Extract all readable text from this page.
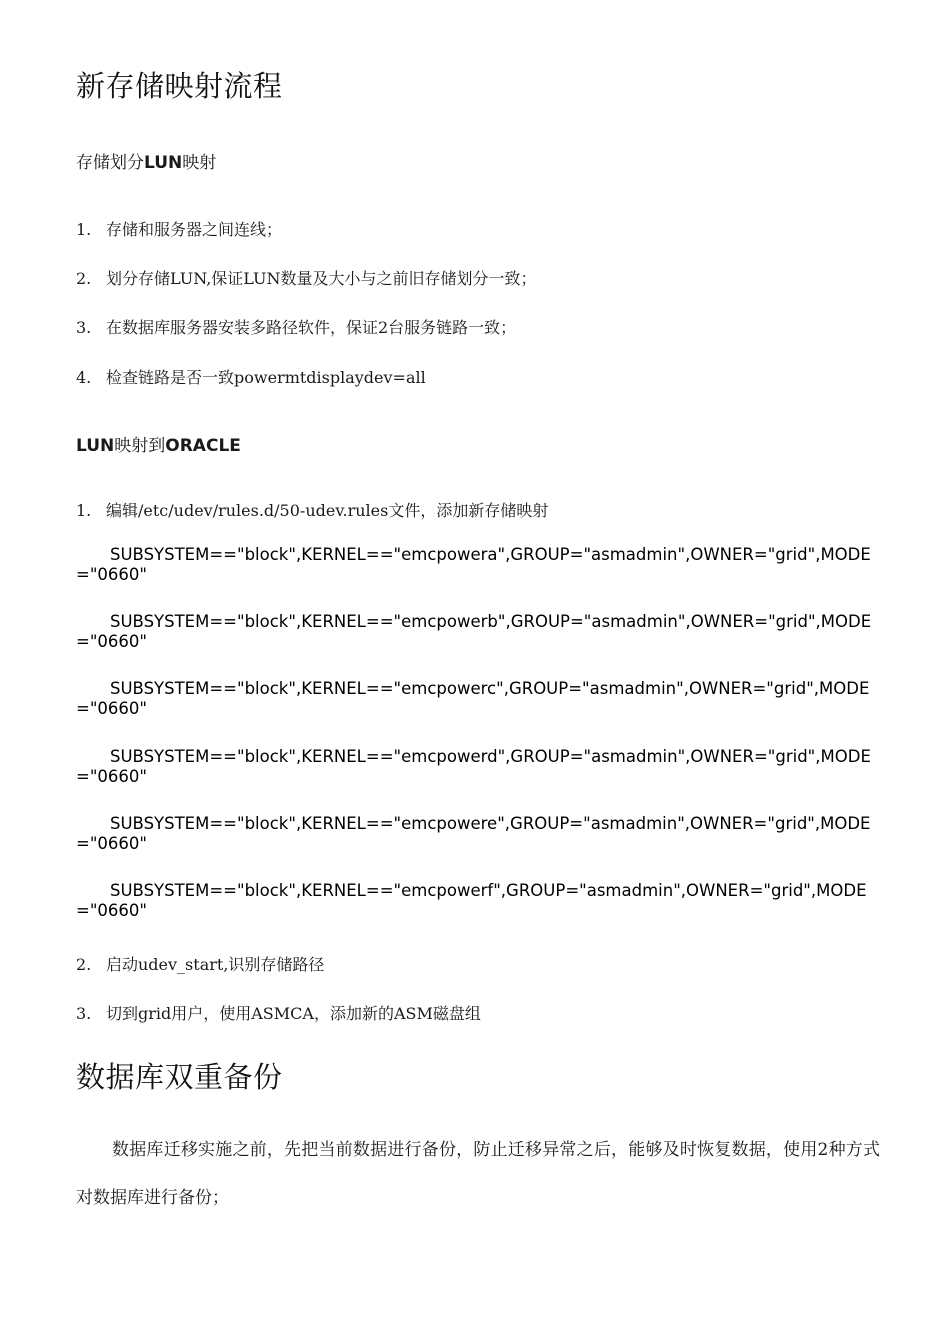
新存储映射流程
存储划分LUN映射
1. 存储和服务器之间连线；
2. 划分存储LUN,保证LUN数量及大小与之前旧存储划分一致；
3. 在数据库服务器安装多路径软件，保证2台服务链路一致；
4. 检查链路是否一致powermtdisplaydev=all
LUN映射到ORACLE
1. 编辑/etc/udev/rules.d/50-udev.rules文件，添加新存储映射
SUBSYSTEM=="block",KERNEL=="emcpowera",GROUP="asmadmin",OWNER="grid",MODE="0660"
SUBSYSTEM=="block",KERNEL=="emcpowerb",GROUP="asmadmin",OWNER="grid",MODE="0660"
SUBSYSTEM=="block",KERNEL=="emcpowerc",GROUP="asmadmin",OWNER="grid",MODE="0660"
SUBSYSTEM=="block",KERNEL=="emcpowerd",GROUP="asmadmin",OWNER="grid",MODE="0660"
SUBSYSTEM=="block",KERNEL=="emcpowere",GROUP="asmadmin",OWNER="grid",MODE="0660"
SUBSYSTEM=="block",KERNEL=="emcpowerf",GROUP="asmadmin",OWNER="grid",MODE="0660"
2. 启动udev_start,识别存储路径
3. 切到grid用户，使用ASMCA，添加新的ASM磁盘组
数据库双重备份
数据库迁移实施之前，先把当前数据进行备份，防止迁移异常之后，能够及时恢复数据，使用2种方式对数据库进行备份；
